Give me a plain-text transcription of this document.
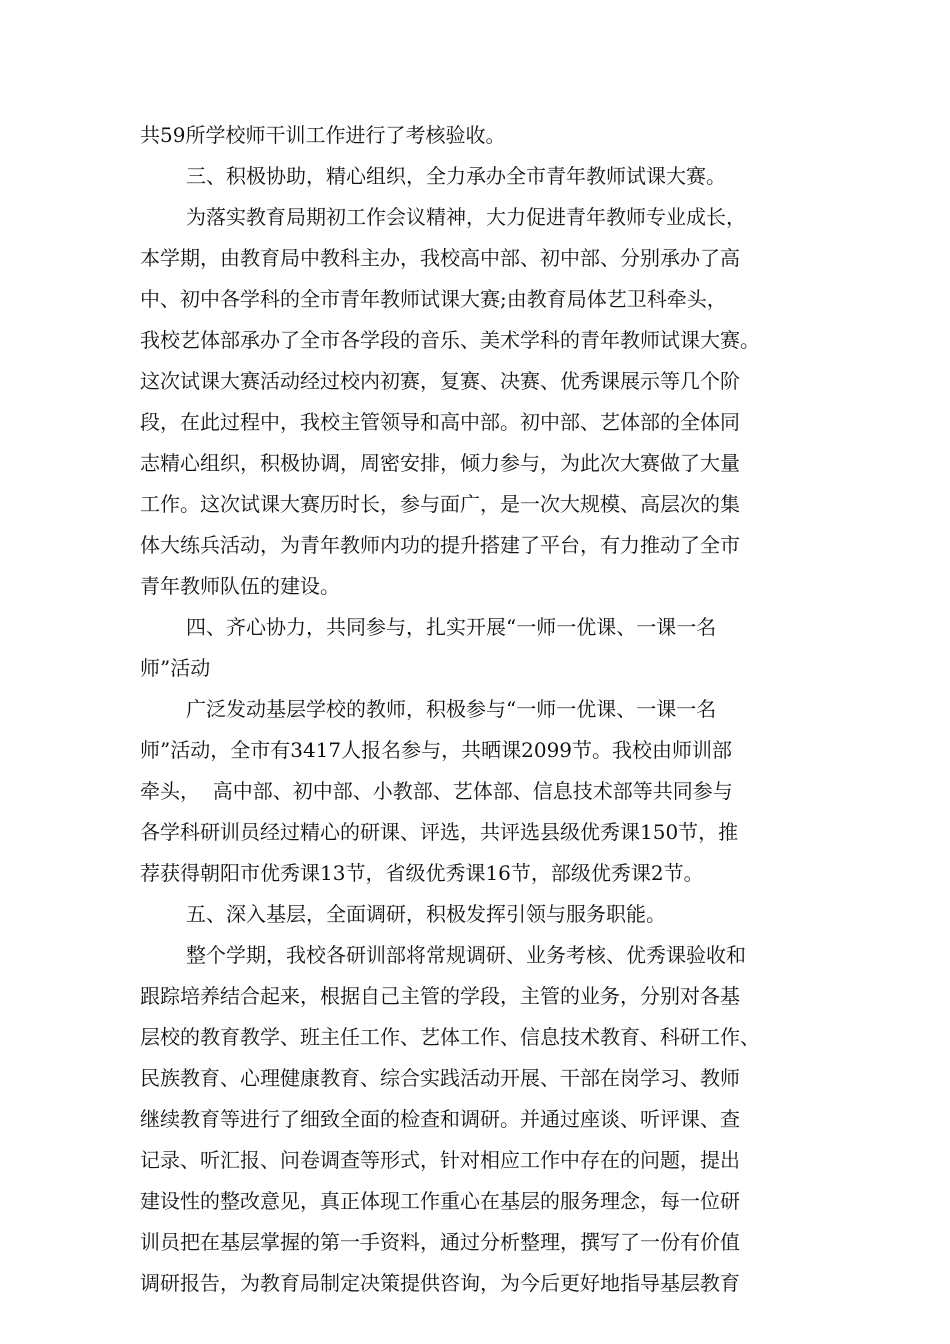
共59所学校师干训工作进行了考核验收。
三、积极协助，精心组织，全力承办全市青年教师试课大赛。
为落实教育局期初工作会议精神，大力促进青年教师专业成长，
本学期，由教育局中教科主办，我校高中部、初中部、分别承办了高
中、初中各学科的全市青年教师试课大赛;由教育局体艺卫科牵头，
我校艺体部承办了全市各学段的音乐、美术学科的青年教师试课大赛。
这次试课大赛活动经过校内初赛，复赛、决赛、优秀课展示等几个阶
段，在此过程中，我校主管领导和高中部。初中部、艺体部的全体同
志精心组织，积极协调，周密安排，倾力参与，为此次大赛做了大量
工作。这次试课大赛历时长，参与面广，是一次大规模、高层次的集
体大练兵活动，为青年教师内功的提升搭建了平台，有力推动了全市
青年教师队伍的建设。
四、齐心协力，共同参与，扎实开展“一师一优课、一课一名
师”活动
广泛发动基层学校的教师，积极参与“一师一优课、一课一名
师”活动，全市有3417人报名参与，共晒课2099节。我校由师训部
牵头，  高中部、初中部、小教部、艺体部、信息技术部等共同参与
各学科研训员经过精心的研课、评选，共评选县级优秀课150节，推
荐获得朝阳市优秀课13节，省级优秀课16节，部级优秀课2节。
五、深入基层，全面调研，积极发挥引领与服务职能。
整个学期，我校各研训部将常规调研、业务考核、优秀课验收和
跟踪培养结合起来，根据自己主管的学段，主管的业务，分别对各基
层校的教育教学、班主任工作、艺体工作、信息技术教育、科研工作、
民族教育、心理健康教育、综合实践活动开展、干部在岗学习、教师
继续教育等进行了细致全面的检查和调研。并通过座谈、听评课、查
记录、听汇报、问卷调查等形式，针对相应工作中存在的问题，提出
建设性的整改意见，真正体现工作重心在基层的服务理念，每一位研
训员把在基层掌握的第一手资料，通过分析整理，撰写了一份有价值
调研报告，为教育局制定决策提供咨询，为今后更好地指导基层教育
